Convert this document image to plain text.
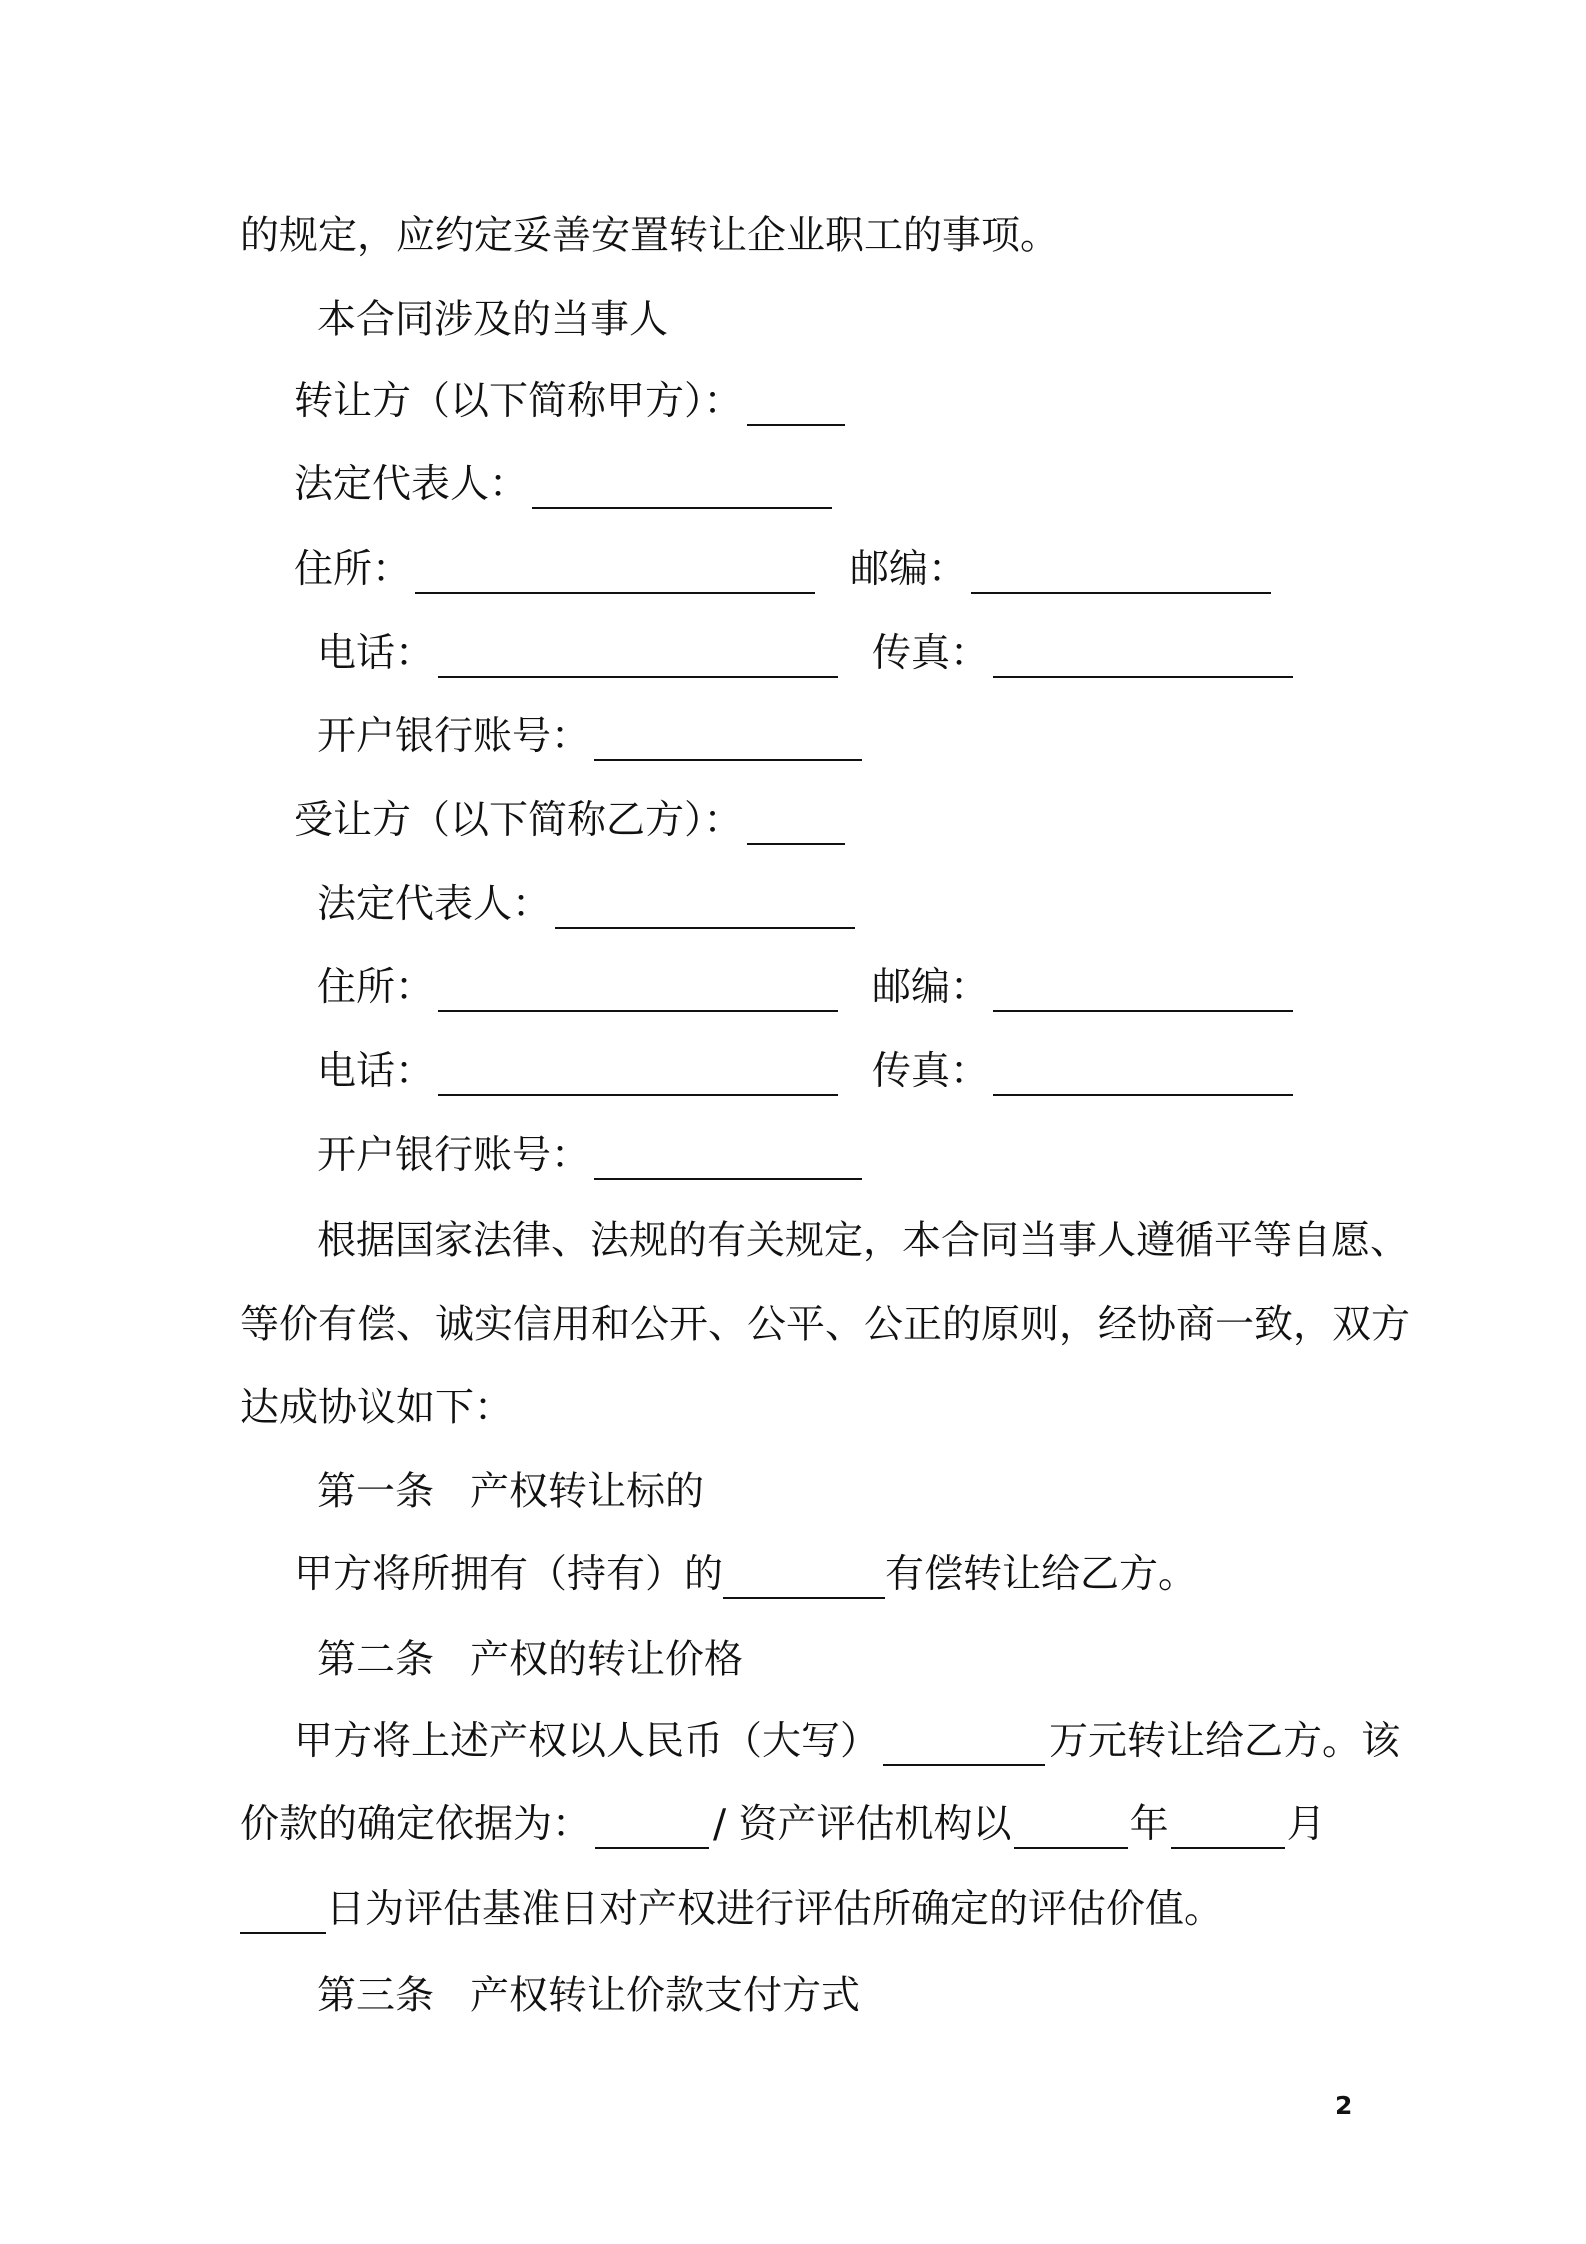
的规定，应约定妥善安置转让企业职工的事项。
本合同涉及的当事人
转让方（以下简称甲方）：
法定代表人：
住所：	邮编：
电话：	传真：
开户银行账号：
受让方（以下简称乙方）：
法定代表人：
住所：	邮编：
电话：	传真：
开户银行账号：
根据国家法律、法规的有关规定，本合同当事人遵循平等自愿、
等价有偿、诚实信用和公开、公平、公正的原则，经协商一致，双方
达成协议如下：
第一条 产权转让标的
甲方将所拥有（持有）的	有偿转让给乙方。
第二条 产权的转让价格
甲方将上述产权以人民币（大写）	万元转让给乙方。该
价款的确定依据为：	/ 资产评估机构以	年	月
日为评估基准日对产权进行评估所确定的评估价值。
第三条 产权转让价款支付方式
2
